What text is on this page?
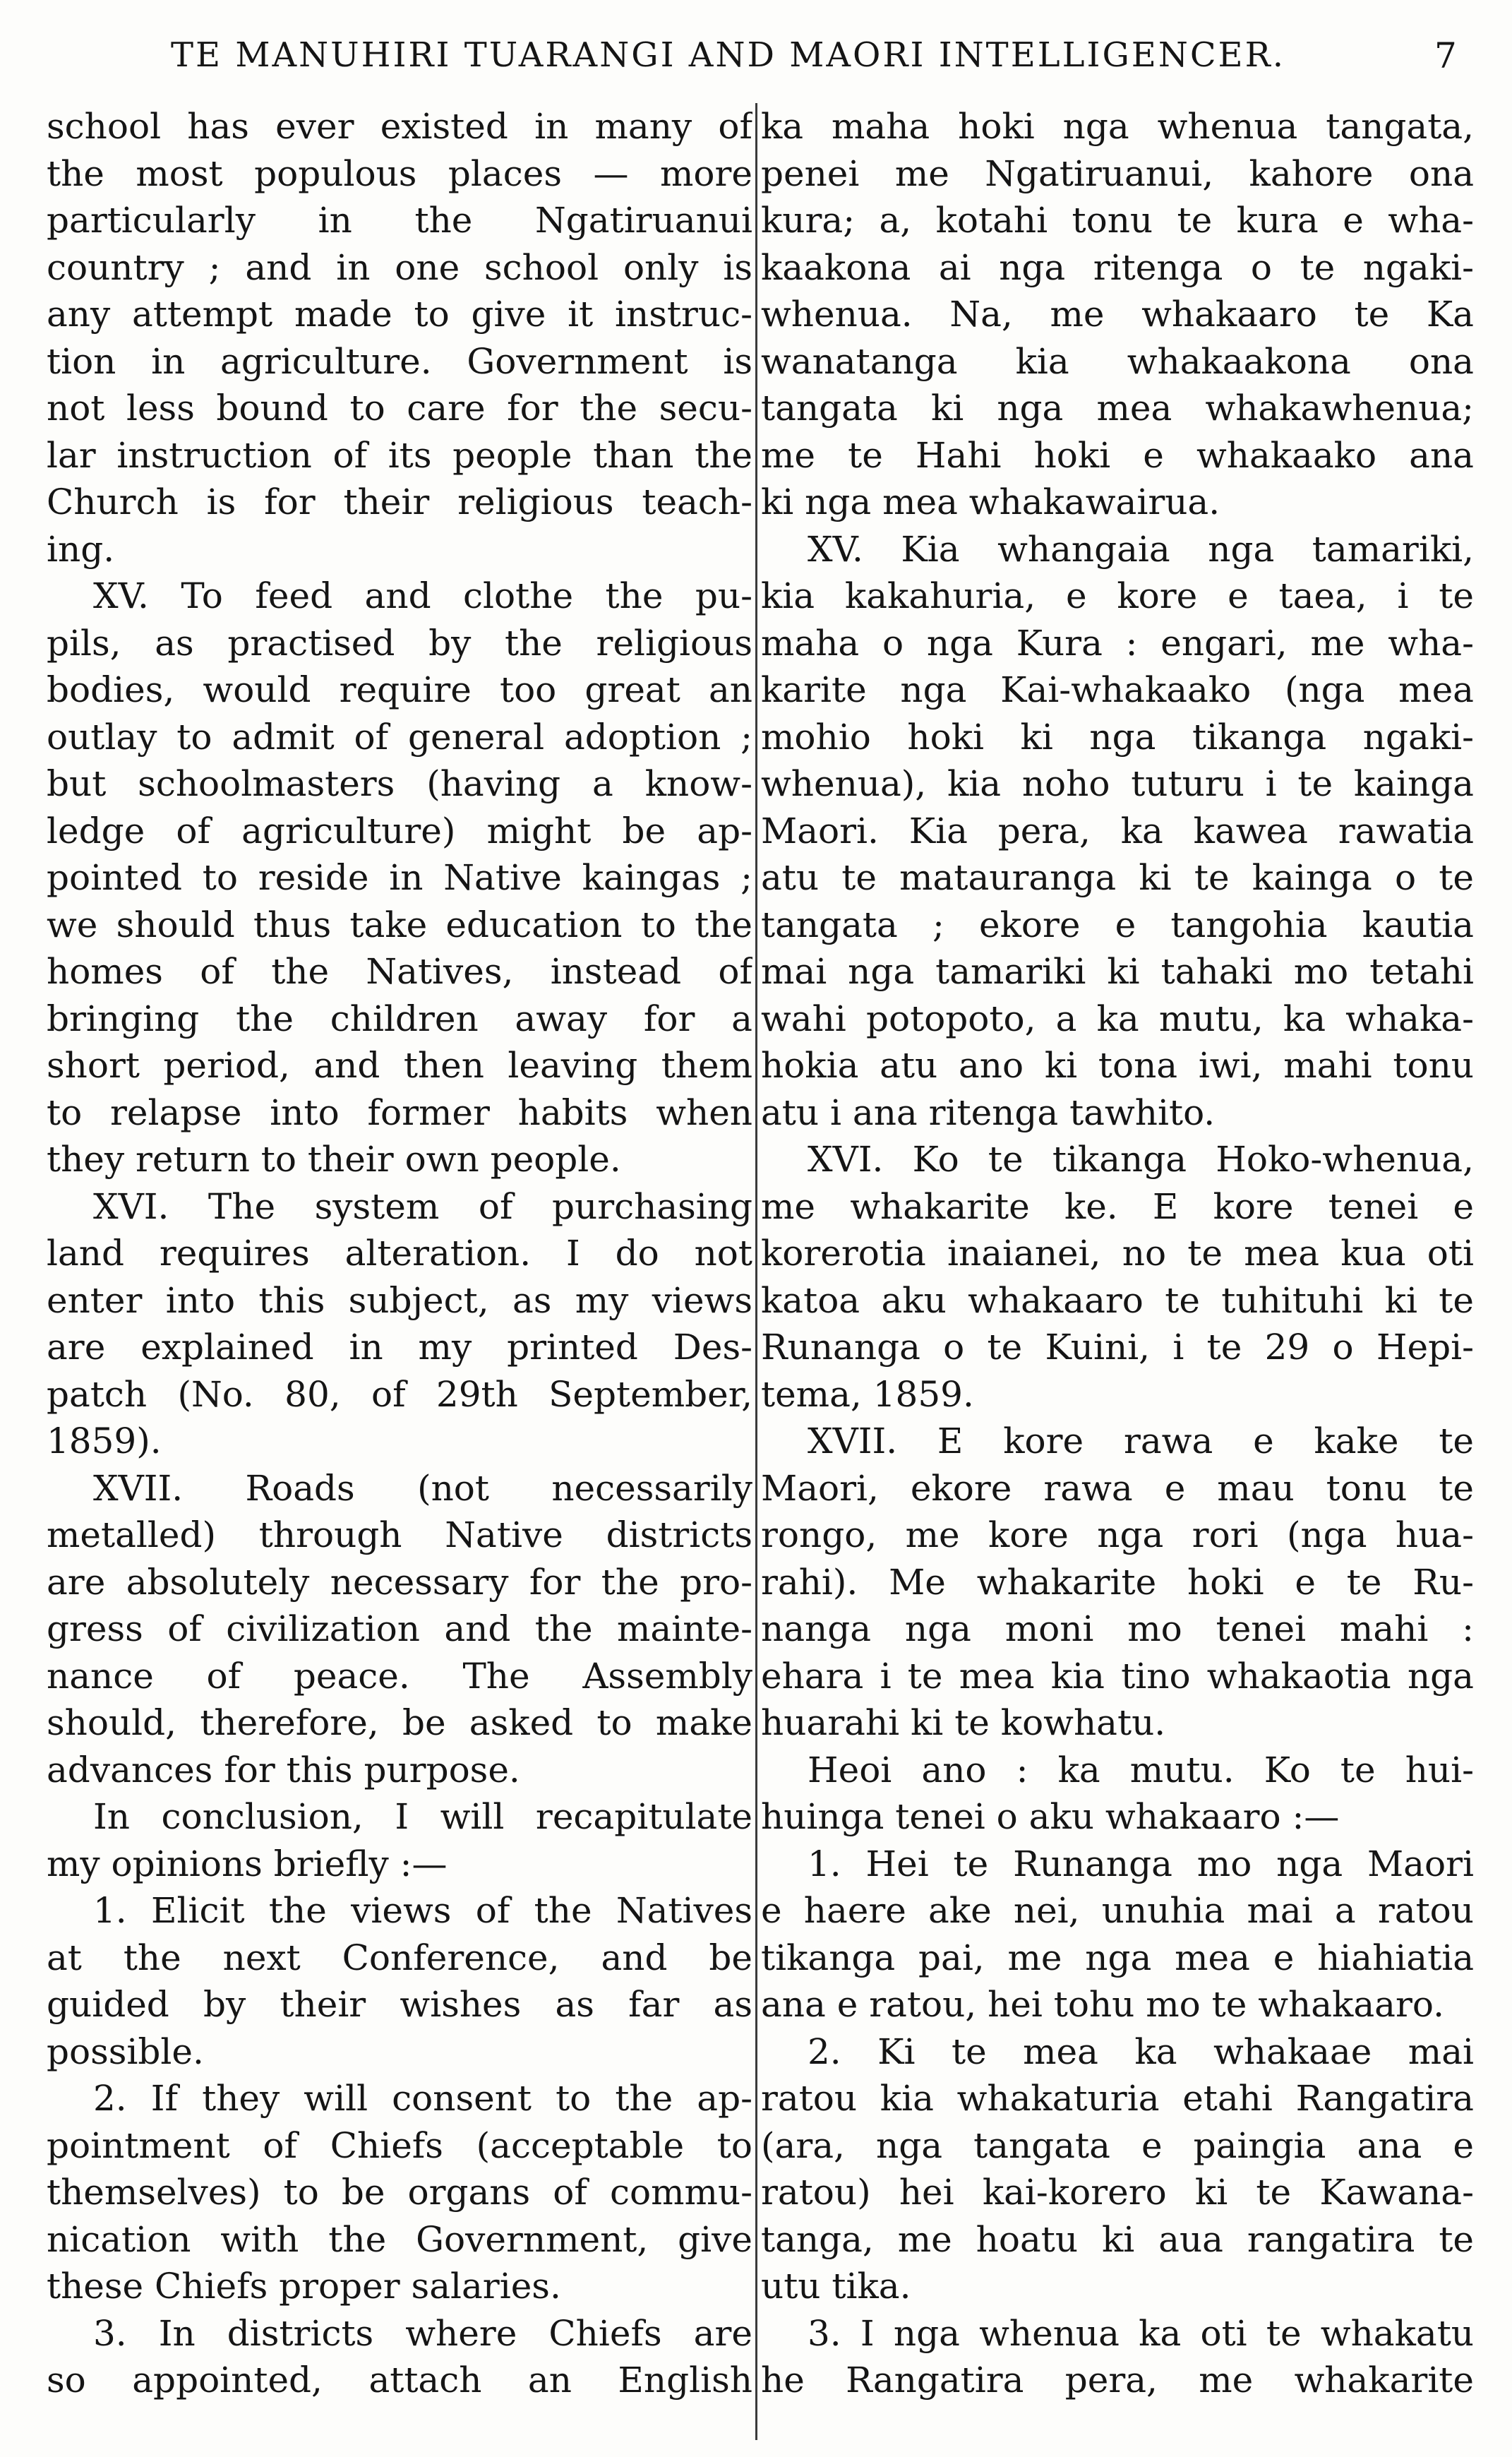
TE MANUHIRI TUARANGI AND MAORI INTELLIGENCER.	7
school has ever existed in many of
the most populous places — more
particularly in the Ngatiruanui
country ; and in one school only is
any attempt made to give it instruc-
tion in agriculture. Government is
not less bound to care for the secu-
lar instruction of its people than the
Church is for their religious teach-
ing.
XV. To feed and clothe the pu-
pils, as practised by the religious
bodies, would require too great an
outlay to admit of general adoption ;
but schoolmasters (having a know-
ledge of agriculture) might be ap-
pointed to reside in Native kaingas ;
we should thus take education to the
homes of the Natives, instead of
bringing the children away for a
short period, and then leaving them
to relapse into former habits when
they return to their own people.
XVI. The system of purchasing
land requires alteration. I do not
enter into this subject, as my views
are explained in my printed Des-
patch (No. 80, of 29th September,
1859).
XVII. Roads (not necessarily
metalled) through Native districts
are absolutely necessary for the pro-
gress of civilization and the mainte-
nance of peace. The Assembly
should, therefore, be asked to make
advances for this purpose.
In conclusion, I will recapitulate
my opinions briefly :—
1. Elicit the views of the Natives
at the next Conference, and be
guided by their wishes as far as
possible.
2. If they will consent to the ap-
pointment of Chiefs (acceptable to
themselves) to be organs of commu-
nication with the Government, give
these Chiefs proper salaries.
3. In districts where Chiefs are
so appointed, attach an English
ka maha hoki nga whenua tangata,
penei me Ngatiruanui, kahore ona
kura; a, kotahi tonu te kura e wha-
kaakona ai nga ritenga o te ngaki-
whenua. Na, me whakaaro te Ka
wanatanga kia whakaakona ona
tangata ki nga mea whakawhenua;
me te Hahi hoki e whakaako ana
ki nga mea whakawairua.
XV. Kia whangaia nga tamariki,
kia kakahuria, e kore e taea, i te
maha o nga Kura : engari, me wha-
karite nga Kai-whakaako (nga mea
mohio hoki ki nga tikanga ngaki-
whenua), kia noho tuturu i te kainga
Maori. Kia pera, ka kawea rawatia
atu te matauranga ki te kainga o te
tangata ; ekore e tangohia kautia
mai nga tamariki ki tahaki mo tetahi
wahi potopoto, a ka mutu, ka whaka-
hokia atu ano ki tona iwi, mahi tonu
atu i ana ritenga tawhito.
XVI. Ko te tikanga Hoko-whenua,
me whakarite ke. E kore tenei e
korerotia inaianei, no te mea kua oti
katoa aku whakaaro te tuhituhi ki te
Runanga o te Kuini, i te 29 o Hepi-
tema, 1859.
XVII. E kore rawa e kake te
Maori, ekore rawa e mau tonu te
rongo, me kore nga rori (nga hua-
rahi). Me whakarite hoki e te Ru-
nanga nga moni mo tenei mahi :
ehara i te mea kia tino whakaotia nga
huarahi ki te kowhatu.
Heoi ano : ka mutu. Ko te hui-
huinga tenei o aku whakaaro :—
1. Hei te Runanga mo nga Maori
e haere ake nei, unuhia mai a ratou
tikanga pai, me nga mea e hiahiatia
ana e ratou, hei tohu mo te whakaaro.
2. Ki te mea ka whakaae mai
ratou kia whakaturia etahi Rangatira
(ara, nga tangata e paingia ana e
ratou) hei kai-korero ki te Kawana-
tanga, me hoatu ki aua rangatira te
utu tika.
3. I nga whenua ka oti te whakatu
he Rangatira pera, me whakarite
